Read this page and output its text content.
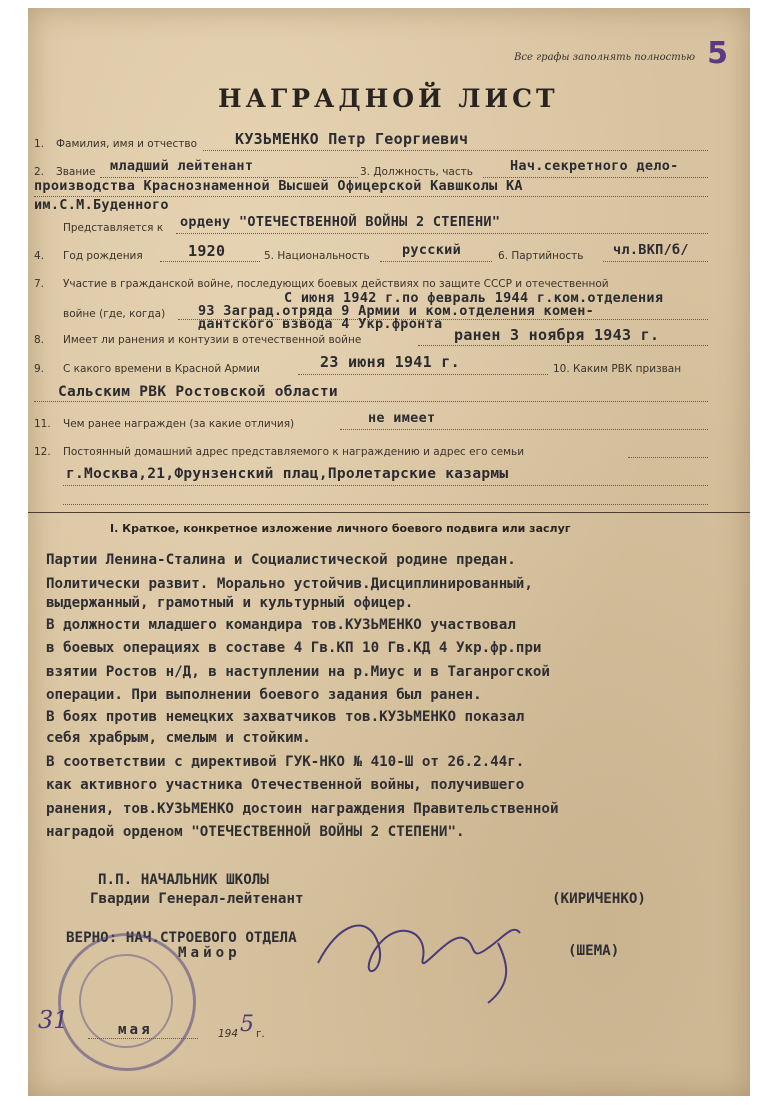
Все графы заполнять полностью 5
НАГРАДНОЙ ЛИСТ
1. Фамилия, имя и отчество	КУЗЬМЕНКО Петр Георгиевич
2. Звание младший лейтенант	3. Должность, часть	Нач.секретного дело-
производства Краснознаменной Высшей Офицерской Кавшколы КА
им.С.М.Буденного
Представляется к ордену "ОТЕЧЕСТВЕННОЙ ВОЙНЫ 2 СТЕПЕНИ"
4. Год рождения	1920	5. Национальность русский	6. Партийность чл.ВКП/б/
7. Участие в гражданской войне, последующих боевых действиях по защите СССР и отечественной
С июня 1942 г.по февраль 1944 г.ком.отделения
войне (где, когда) 93 Заград.отряда 9 Армии и ком.отделения комен-
дантского взвода 4 Укр.фронта
8. Имеет ли ранения и контузии в отечественной войне	ранен 3 ноября 1943 г.
9. С какого времени в Красной Армии	23 июня 1941 г.	10. Каким РВК призван
Сальским РВК Ростовской области
11. Чем ранее награжден (за какие отличия)	не имеет
12. Постоянный домашний адрес представляемого к награждению и адрес его семьи
г.Москва,21,Фрунзенский плац,Пролетарские казармы
I. Краткое, конкретное изложение личного боевого подвига или заслуг
Партии Ленина-Сталина и Социалистической родине предан.
Политически развит. Морально устойчив.Дисциплинированный,
выдержанный, грамотный и культурный офицер.
В должности младшего командира тов.КУЗЬМЕНКО участвовал
в боевых операциях в составе 4 Гв.КП 10 Гв.КД 4 Укр.фр.при
взятии Ростов н/Д, в наступлении на р.Миус и в Таганрогской
операции. При выполнении боевого задания был ранен.
В боях против немецких захватчиков тов.КУЗЬМЕНКО показал
себя храбрым, смелым и стойким.
В соответствии с директивой ГУК-НКО № 410-Ш от 26.2.44г.
как активного участника Отечественной войны, получившего
ранения, тов.КУЗЬМЕНКО достоин награждения Правительственной
наградой орденом "ОТЕЧЕСТВЕННОЙ ВОЙНЫ 2 СТЕПЕНИ".
П.П. НАЧАЛЬНИК ШКОЛЫ
Гвардии Генерал-лейтенант	(КИРИЧЕНКО)
ВЕРНО: НАЧ.СТРОЕВОГО ОТДЕЛА
Майор	(ШЕМА)
31	мая	194 5 г.
